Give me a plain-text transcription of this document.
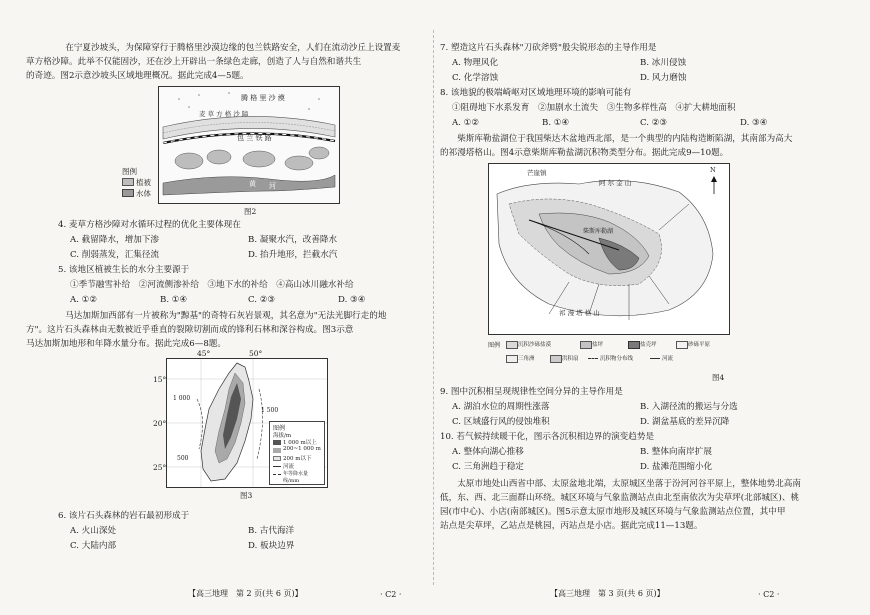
　　在宁夏沙坡头，为保障穿行于腾格里沙漠边缘的包兰铁路安全，人们在流动沙丘上设置麦
草方格沙障。此举不仅能固沙，还在沙上开辟出一条绿色走廊，创造了人与自然和谐共生
的奇迹。图2示意沙坡头区域地理概况。据此完成4—5题。
腾 格 里 沙 漠
麦 草 方 格 沙 障
包 兰 铁 路
黄 河
图例
植被
水体
图2
4. 麦草方格沙障对水循环过程的优化主要体现在
A. 截留降水，增加下渗	B. 凝聚水汽，改善降水
C. 削弱蒸发，汇集径流	D. 抬升地形，拦截水汽
5. 该地区植被生长的水分主要源于
①季节融雪补给　②河流侧渗补给　③地下水的补给　④高山冰川融水补给
A. ①②	B. ①④	C. ②③	D. ③④
　　马达加斯加西部有一片被称为"黥基"的奇特石灰岩景观，其名意为"无法光脚行走的地
方"。这片石头森林由无数被近乎垂直的裂隙切割而成的锋利石林和深谷构成。图3示意
马达加斯加地形和年降水量分布。据此完成6—8题。
45°	50°
15°
20°
25°
1 000
1 500
500
图例
海拔/m
1 000 m以上
200~1 000 m
200 m以下
河流
年等降水量线/mm
图3
6. 该片石头森林的岩石最初形成于
A. 火山深处	B. 古代海洋
C. 大陆内部	D. 板块边界
【高三地理　第 2 页(共 6 页)】	· C2 ·
7. 塑造这片石头森林"刀砍斧劈"般尖锐形态的主导作用是
A. 物理风化	B. 冰川侵蚀
C. 化学溶蚀	D. 风力磨蚀
8. 该地貌的极端崎岖对区域地理环境的影响可能有
①阻碍地下水系发育　②加剧水土流失　③生物多样性高　④扩大耕地面积
A. ①②	B. ①④	C. ②③	D. ③④
　　柴斯库勒盐湖位于我国柴达木盆地西北部，是一个典型的内陆构造断陷湖，其南部为高大
的祁漫塔格山。图4示意柴斯库勒盐湖沉积物类型分布。据此完成9—10题。
芒崖镇
阿 尔 金 山
柴斯库勒湖
祁 漫 塔 格 山
N
图例	沉积沙砾盐漠	盐坪	盐壳坪	砂砾平原
三角洲	洪积扇	沉积物分布线	河流
图4
9. 图中沉积相呈现规律性空间分异的主导作用是
A. 湖泊水位的周期性涨落	B. 入湖径流的搬运与分选
C. 区域盛行风的侵蚀堆积	D. 湖盆基底的差异沉降
10. 若气候持续暖干化，图示各沉积相边界的演变趋势是
A. 整体向湖心推移	B. 整体向南岸扩展
C. 三角洲趋于稳定	D. 盐滩范围缩小化
　　太原市地处山西省中部、太原盆地北端，太原城区坐落于汾河河谷平原上，整体地势北高南
低，东、西、北三面群山环绕。城区环境与气象监测站点由北至南依次为尖草坪(北部城区)、桃
园(市中心)、小店(南部城区)。图5示意太原市地形及城区环境与气象监测站点位置，其中甲
站点是尖草坪，乙站点是桃园，丙站点是小店。据此完成11—13题。
【高三地理　第 3 页(共 6 页)】	· C2 ·
